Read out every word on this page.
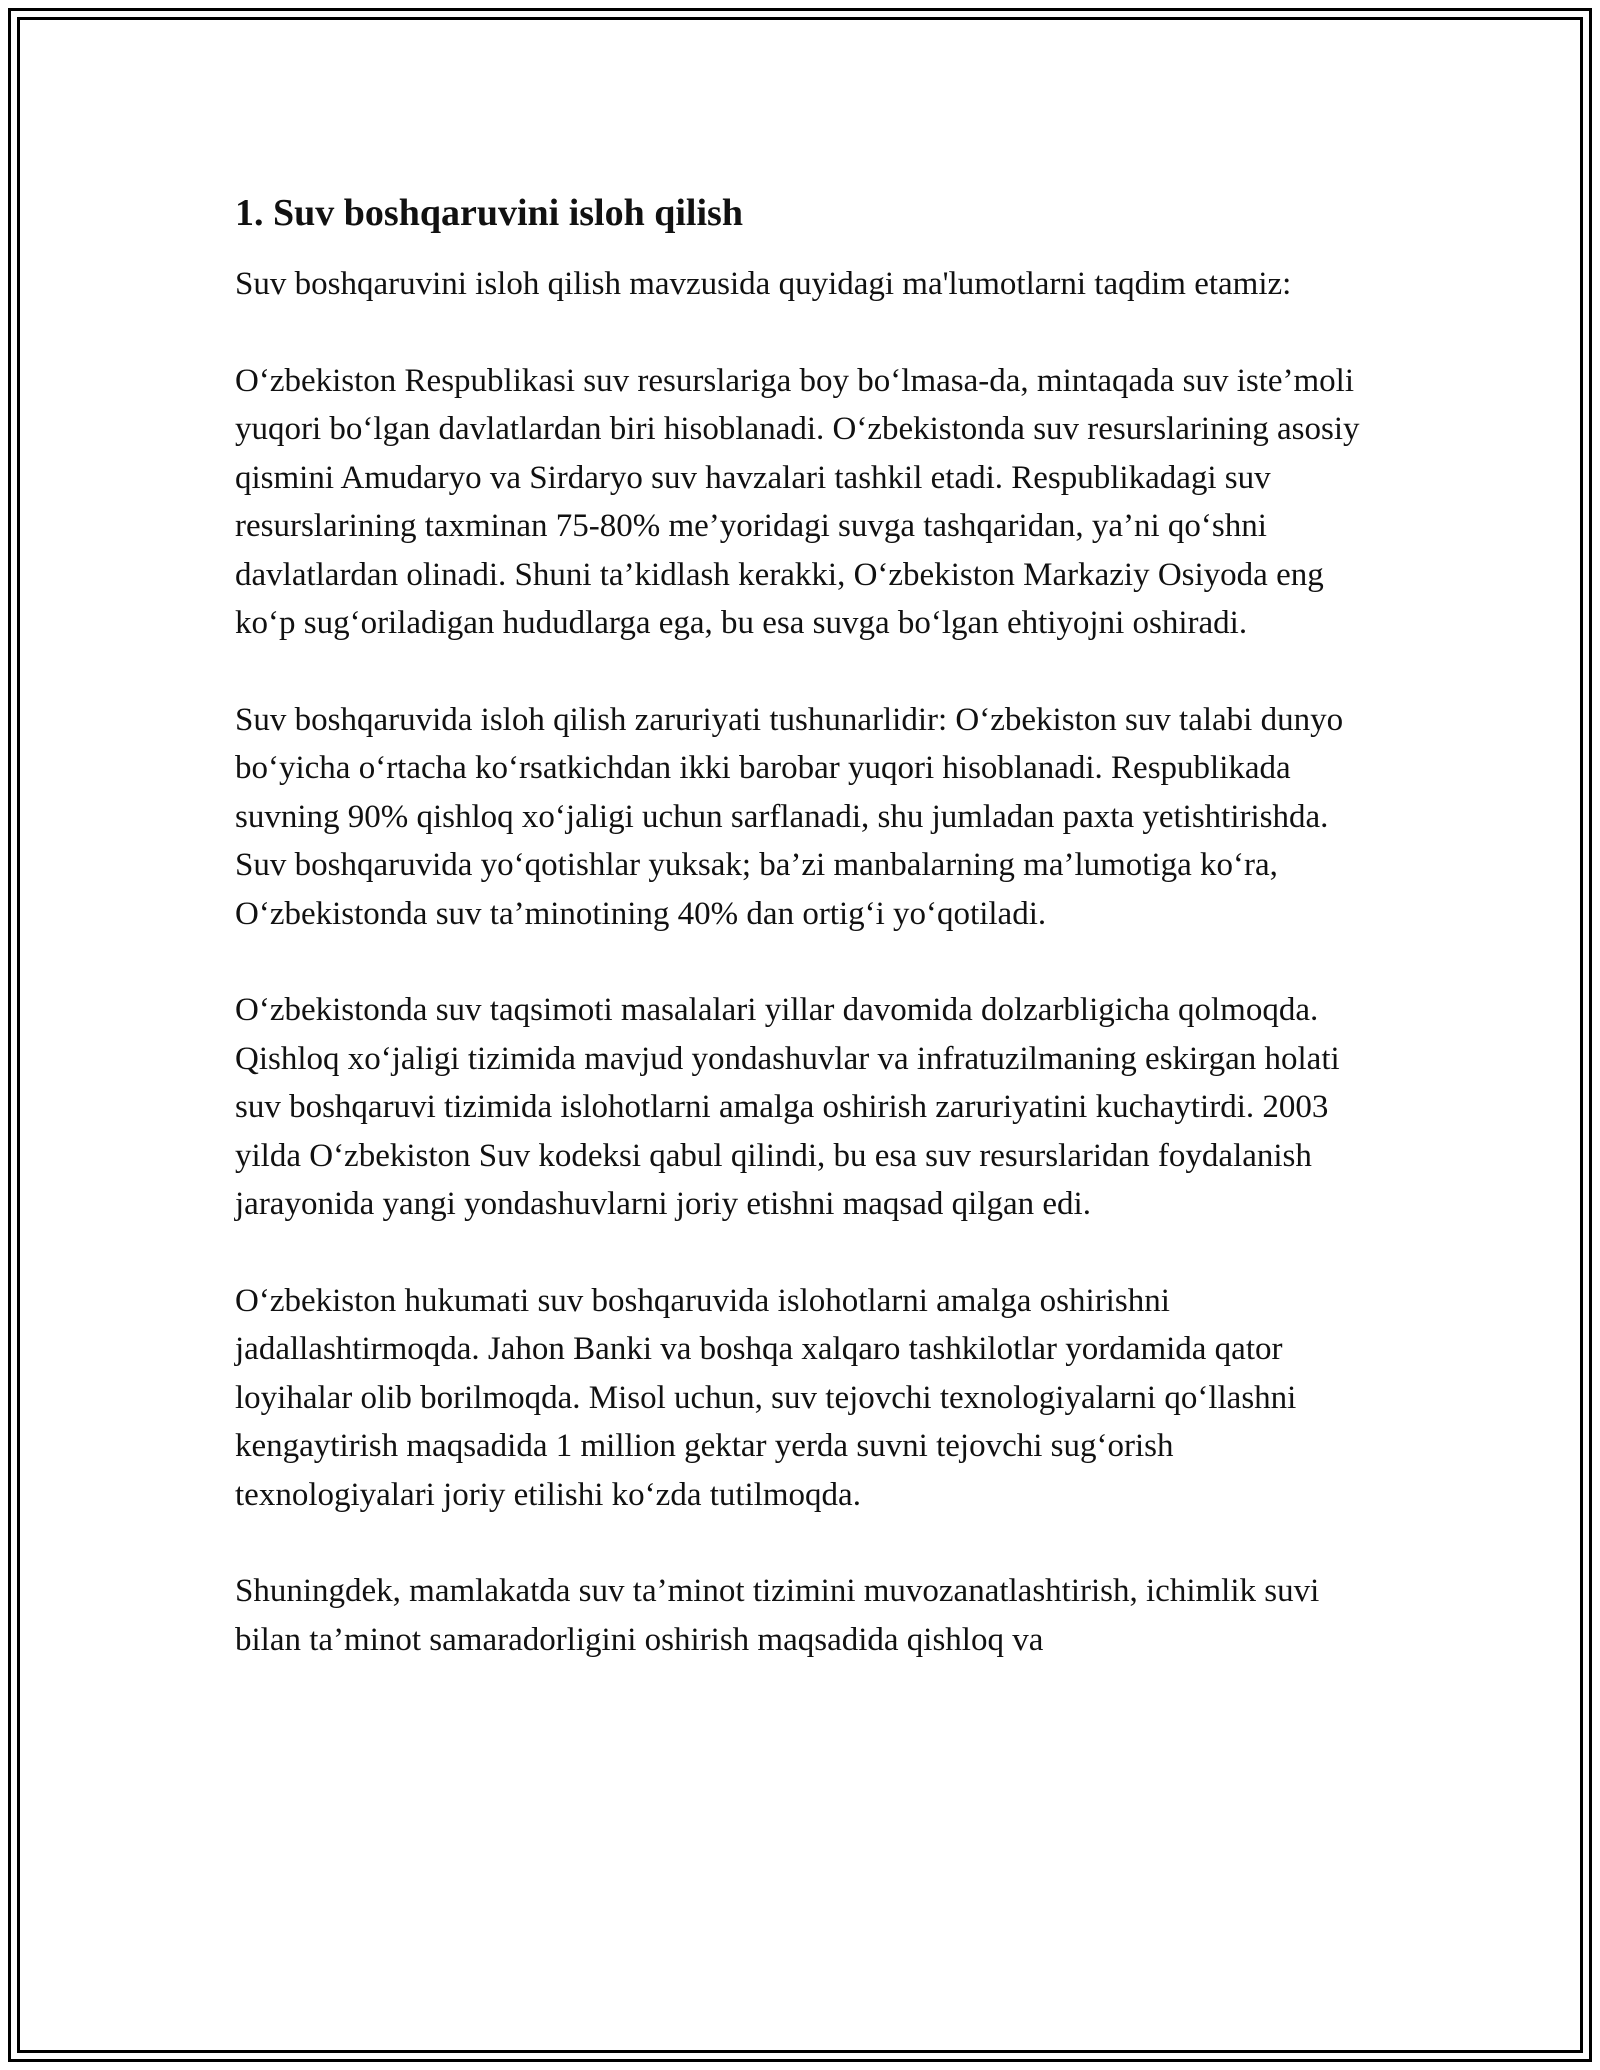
1. Suv boshqaruvini isloh qilish

Suv boshqaruvini isloh qilish mavzusida quyidagi ma'lumotlarni taqdim etamiz:

O‘zbekiston Respublikasi suv resurslariga boy bo‘lmasa-da, mintaqada suv iste’moli yuqori bo‘lgan davlatlardan biri hisoblanadi. O‘zbekistonda suv resurslarining asosiy qismini Amudaryo va Sirdaryo suv havzalari tashkil etadi. Respublikadagi suv resurslarining taxminan 75-80% me’yoridagi suvga tashqaridan, ya’ni qo‘shni davlatlardan olinadi. Shuni ta’kidlash kerakki, O‘zbekiston Markaziy Osiyoda eng ko‘p sug‘oriladigan hududlarga ega, bu esa suvga bo‘lgan ehtiyojni oshiradi.

Suv boshqaruvida isloh qilish zaruriyati tushunarlidir: O‘zbekiston suv talabi dunyo bo‘yicha o‘rtacha ko‘rsatkichdan ikki barobar yuqori hisoblanadi. Respublikada suvning 90% qishloq xo‘jaligi uchun sarflanadi, shu jumladan paxta yetishtirishda. Suv boshqaruvida yo‘qotishlar yuksak; ba’zi manbalarning ma’lumotiga ko‘ra, O‘zbekistonda suv ta’minotining 40% dan ortig‘i yo‘qotiladi.

O‘zbekistonda suv taqsimoti masalalari yillar davomida dolzarbligicha qolmoqda. Qishloq xo‘jaligi tizimida mavjud yondashuvlar va infratuzilmaning eskirgan holati suv boshqaruvi tizimida islohotlarni amalga oshirish zaruriyatini kuchaytirdi. 2003 yilda O‘zbekiston Suv kodeksi qabul qilindi, bu esa suv resurslaridan foydalanish jarayonida yangi yondashuvlarni joriy etishni maqsad qilgan edi.

O‘zbekiston hukumati suv boshqaruvida islohotlarni amalga oshirishni jadallashtirmoqda. Jahon Banki va boshqa xalqaro tashkilotlar yordamida qator loyihalar olib borilmoqda. Misol uchun, suv tejovchi texnologiyalarni qo‘llashni kengaytirish maqsadida 1 million gektar yerda suvni tejovchi sug‘orish texnologiyalari joriy etilishi ko‘zda tutilmoqda.

Shuningdek, mamlakatda suv ta’minot tizimini muvozanatlashtirish, ichimlik suvi bilan ta’minot samaradorligini oshirish maqsadida qishloq va
